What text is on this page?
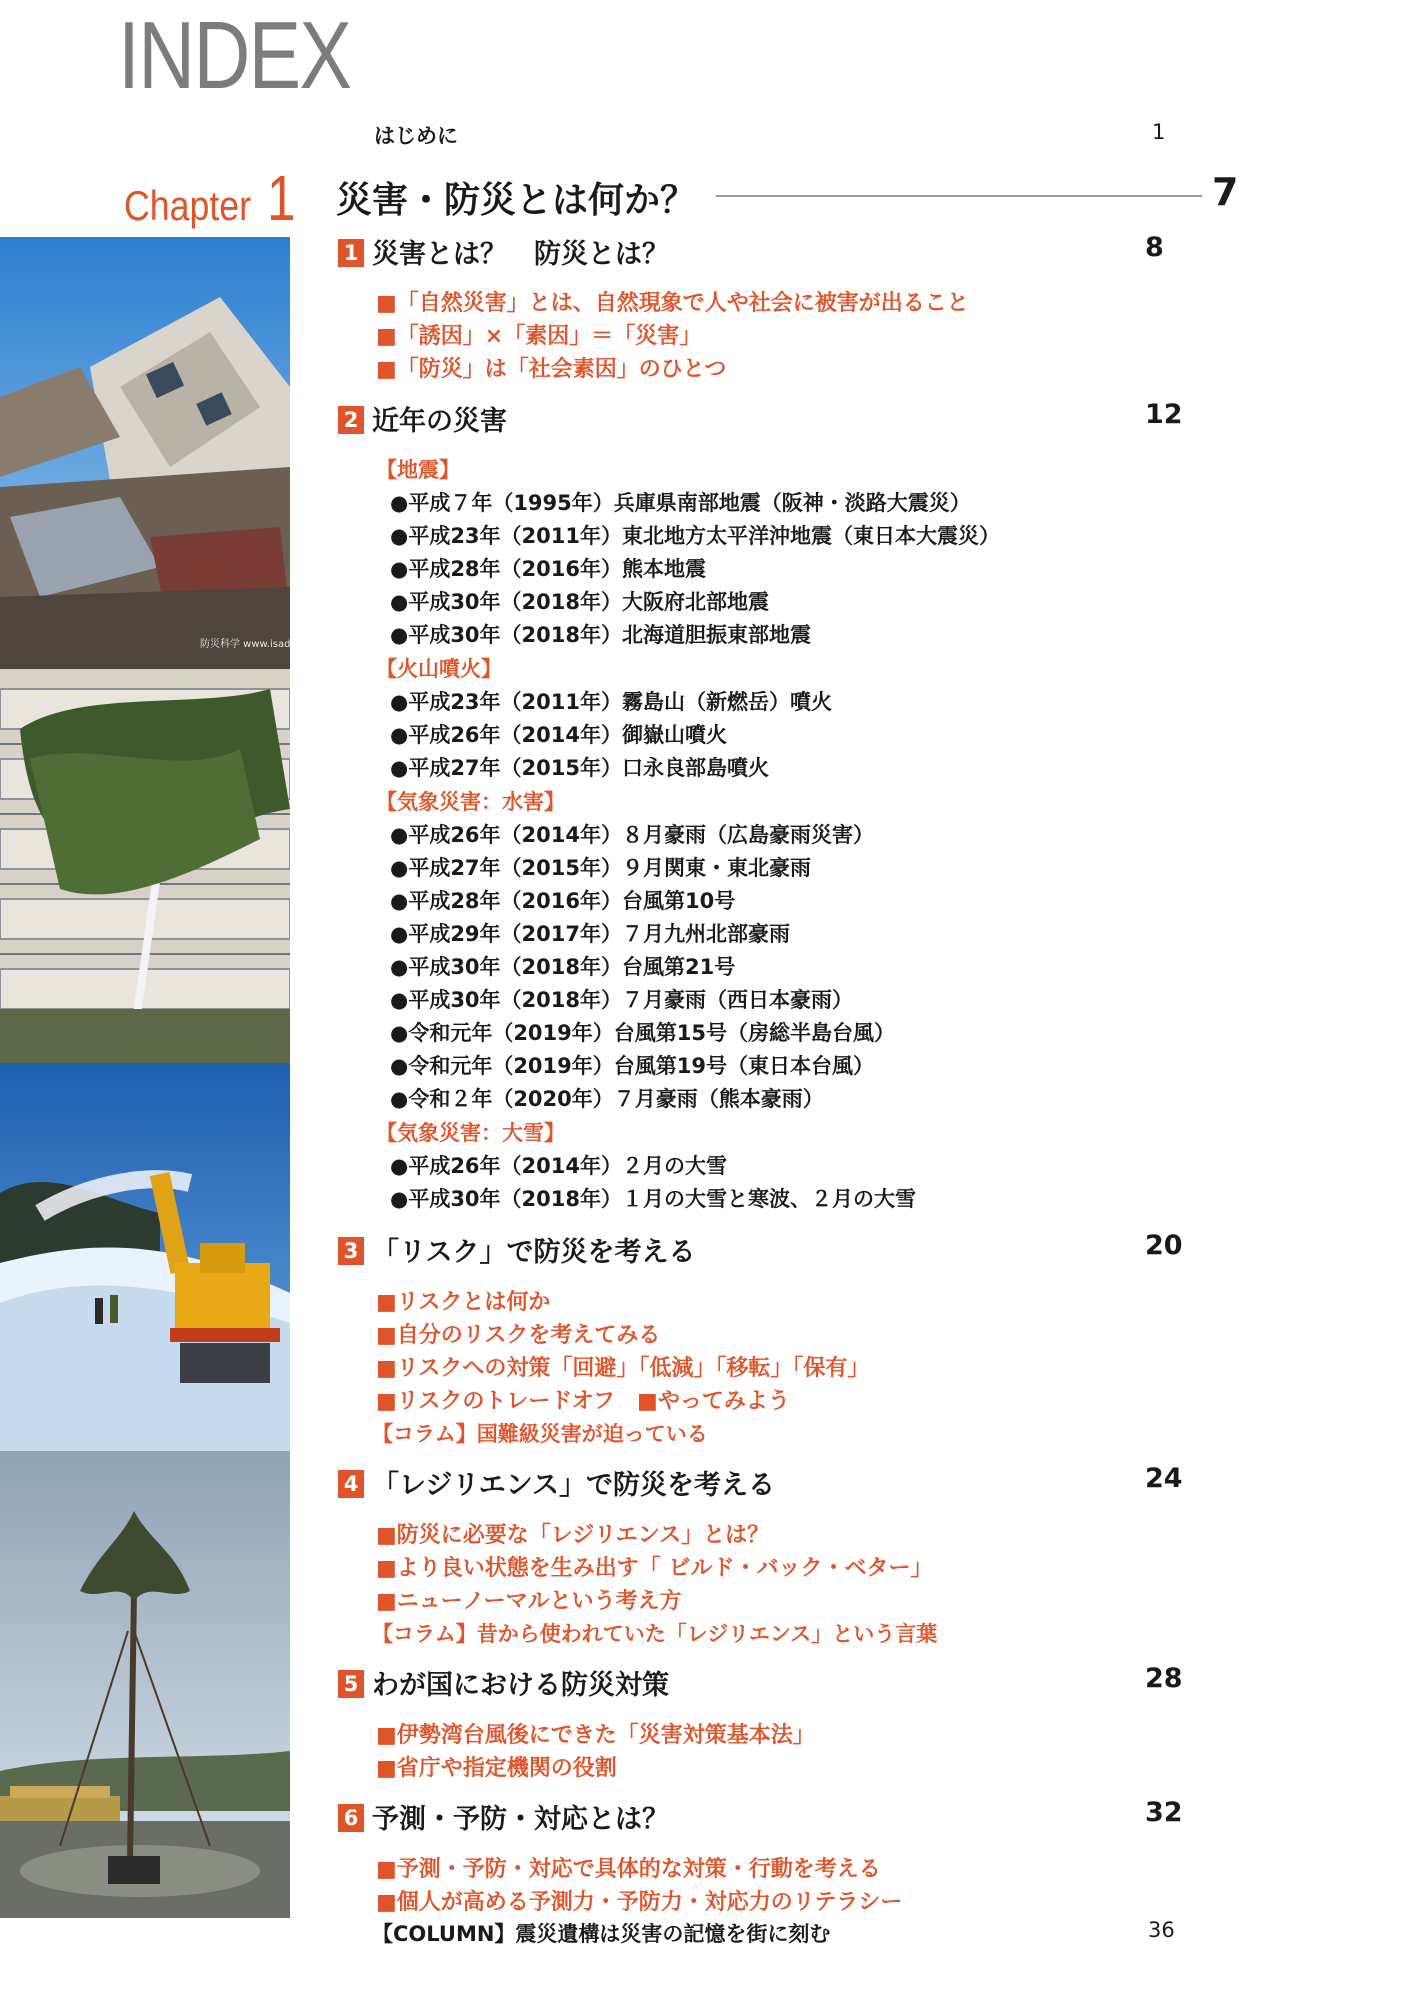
INDEX
はじめに	1
Chapter 1 災害・防災とは何か？	7
防災科学 www.isad
1 災害とは？　防災とは？	8
■「自然災害」とは、自然現象で人や社会に被害が出ること
■「誘因」×「素因」＝「災害」
■「防災」は「社会素因」のひとつ
2 近年の災害	12
【地震】
●平成７年（1995年）兵庫県南部地震（阪神・淡路大震災）
●平成23年（2011年）東北地方太平洋沖地震（東日本大震災）
●平成28年（2016年）熊本地震
●平成30年（2018年）大阪府北部地震
●平成30年（2018年）北海道胆振東部地震
【火山噴火】
●平成23年（2011年）霧島山（新燃岳）噴火
●平成26年（2014年）御嶽山噴火
●平成27年（2015年）口永良部島噴火
【気象災害：水害】
●平成26年（2014年）８月豪雨（広島豪雨災害）
●平成27年（2015年）９月関東・東北豪雨
●平成28年（2016年）台風第10号
●平成29年（2017年）７月九州北部豪雨
●平成30年（2018年）台風第21号
●平成30年（2018年）７月豪雨（西日本豪雨）
●令和元年（2019年）台風第15号（房総半島台風）
●令和元年（2019年）台風第19号（東日本台風）
●令和２年（2020年）７月豪雨（熊本豪雨）
【気象災害：大雪】
●平成26年（2014年）２月の大雪
●平成30年（2018年）１月の大雪と寒波、２月の大雪
3 「リスク」で防災を考える	20
■リスクとは何か
■自分のリスクを考えてみる
■リスクへの対策「回避」「低減」「移転」「保有」
■リスクのトレードオフ　■やってみよう
【コラム】国難級災害が迫っている
4 「レジリエンス」で防災を考える	24
■防災に必要な「レジリエンス」とは？
■より良い状態を生み出す「 ビルド・バック・ベター」
■ニューノーマルという考え方
【コラム】昔から使われていた「レジリエンス」という言葉
5 わが国における防災対策	28
■伊勢湾台風後にできた「災害対策基本法」
■省庁や指定機関の役割
6 予測・予防・対応とは？	32
■予測・予防・対応で具体的な対策・行動を考える
■個人が高める予測力・予防力・対応力のリテラシー
【COLUMN】震災遺構は災害の記憶を街に刻む	36
